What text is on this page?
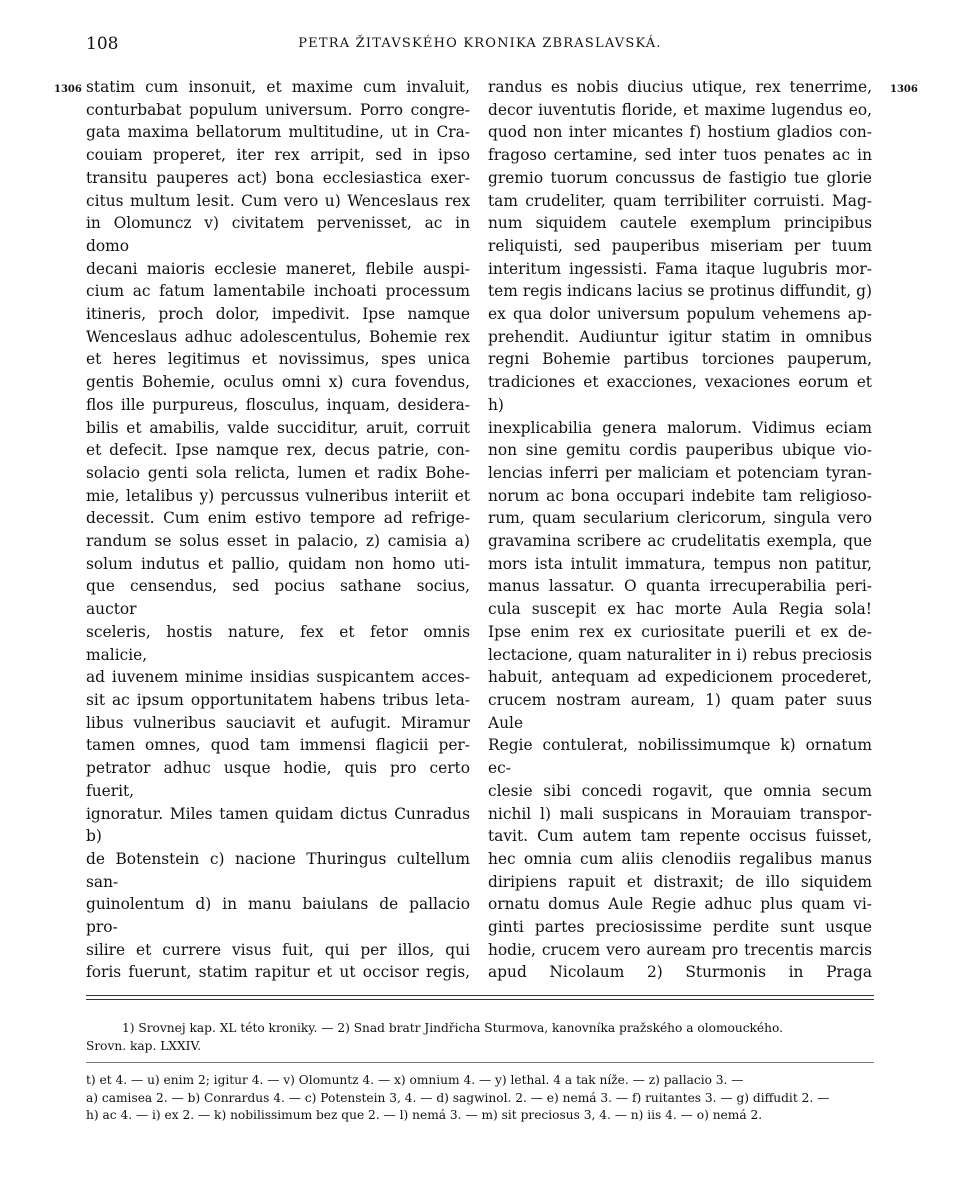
108	PETRA ŽITAVSKÉHO KRONIKA ZBRASLAVSKÁ.
1306	1306

statim cum insonuit, et maxime cum invaluit,

conturbabat populum universum. Porro congre-

gata maxima bellatorum multitudine, ut in Cra-

couiam properet, iter rex arripit, sed in ipso

transitu pauperes act) bona ecclesiastica exer-

citus multum lesit. Cum vero u) Wenceslaus rex

in Olomuncz v) civitatem pervenisset, ac in domo

decani maioris ecclesie maneret, flebile auspi-

cium ac fatum lamentabile inchoati processum

itineris, proch dolor, impedivit. Ipse namque

Wenceslaus adhuc adolescentulus, Bohemie rex

et heres legitimus et novissimus, spes unica

gentis Bohemie, oculus omni x) cura fovendus,

flos ille purpureus, flosculus, inquam, desidera-

bilis et amabilis, valde succiditur, aruit, corruit

et defecit. Ipse namque rex, decus patrie, con-

solacio genti sola relicta, lumen et radix Bohe-

mie, letalibus y) percussus vulneribus interiit et

decessit. Cum enim estivo tempore ad refrige-

randum se solus esset in palacio, z) camisia a)

solum indutus et pallio, quidam non homo uti-

que censendus, sed pocius sathane socius, auctor

sceleris, hostis nature, fex et fetor omnis malicie,

ad iuvenem minime insidias suspicantem acces-

sit ac ipsum opportunitatem habens tribus leta-

libus vulneribus sauciavit et aufugit. Miramur

tamen omnes, quod tam immensi flagicii per-

petrator adhuc usque hodie, quis pro certo fuerit,

ignoratur. Miles tamen quidam dictus Cunradus b)

de Botenstein c) nacione Thuringus cultellum san-

guinolentum d) in manu baiulans de pallacio pro-

silire et currere visus fuit, qui per illos, qui

foris fuerunt, statim rapitur et ut occisor regis,

randus es nobis diucius utique, rex tenerrime,

decor iuventutis floride, et maxime lugendus eo,

quod non inter micantes f) hostium gladios con-

fragoso certamine, sed inter tuos penates ac in

gremio tuorum concussus de fastigio tue glorie

tam crudeliter, quam terribiliter corruisti. Mag-

num siquidem cautele exemplum principibus

reliquisti, sed pauperibus miseriam per tuum

interitum ingessisti. Fama itaque lugubris mor-

tem regis indicans lacius se protinus diffundit, g)

ex qua dolor universum populum vehemens ap-

prehendit. Audiuntur igitur statim in omnibus

regni Bohemie partibus torciones pauperum,

tradiciones et exacciones, vexaciones eorum et h)

inexplicabilia genera malorum. Vidimus eciam

non sine gemitu cordis pauperibus ubique vio-

lencias inferri per maliciam et potenciam tyran-

norum ac bona occupari indebite tam religioso-

rum, quam secularium clericorum, singula vero

gravamina scribere ac crudelitatis exempla, que

mors ista intulit immatura, tempus non patitur,

manus lassatur. O quanta irrecuperabilia peri-

cula suscepit ex hac morte Aula Regia sola!

Ipse enim rex ex curiositate puerili et ex de-

lectacione, quam naturaliter in i) rebus preciosis

habuit, antequam ad expedicionem procederet,

crucem nostram auream, 1) quam pater suus Aule

Regie contulerat, nobilissimumque k) ornatum ec-

clesie sibi concedi rogavit, que omnia secum

nichil l) mali suspicans in Morauiam transpor-

tavit. Cum autem tam repente occisus fuisset,

hec omnia cum aliis clenodiis regalibus manus

diripiens rapuit et distraxit; de illo siquidem

ornatu domus Aule Regie adhuc plus quam vi-

ginti partes preciosissime perdite sunt usque

hodie, crucem vero auream pro trecentis marcis

apud Nicolaum 2) Sturmonis in Praga

1) Srovnej kap. XL této kroniky. — 2) Snad bratr Jindřicha Sturmova, kanovníka pražského a olomouckého.

Srovn. kap. LXXIV.

t) et 4. — u) enim 2; igitur 4. — v) Olomuntz 4. — x) omnium 4. — y) lethal. 4 a tak níže. — z) pallacio 3. —

a) camisea 2. — b) Conrardus 4. — c) Potenstein 3, 4. — d) sagwinol. 2. — e) nemá 3. — f) ruitantes 3. — g) diffudit 2. —

h) ac 4. — i) ex 2. — k) nobilissimum bez que 2. — l) nemá 3. — m) sit preciosus 3, 4. — n) iis 4. — o) nemá 2.
